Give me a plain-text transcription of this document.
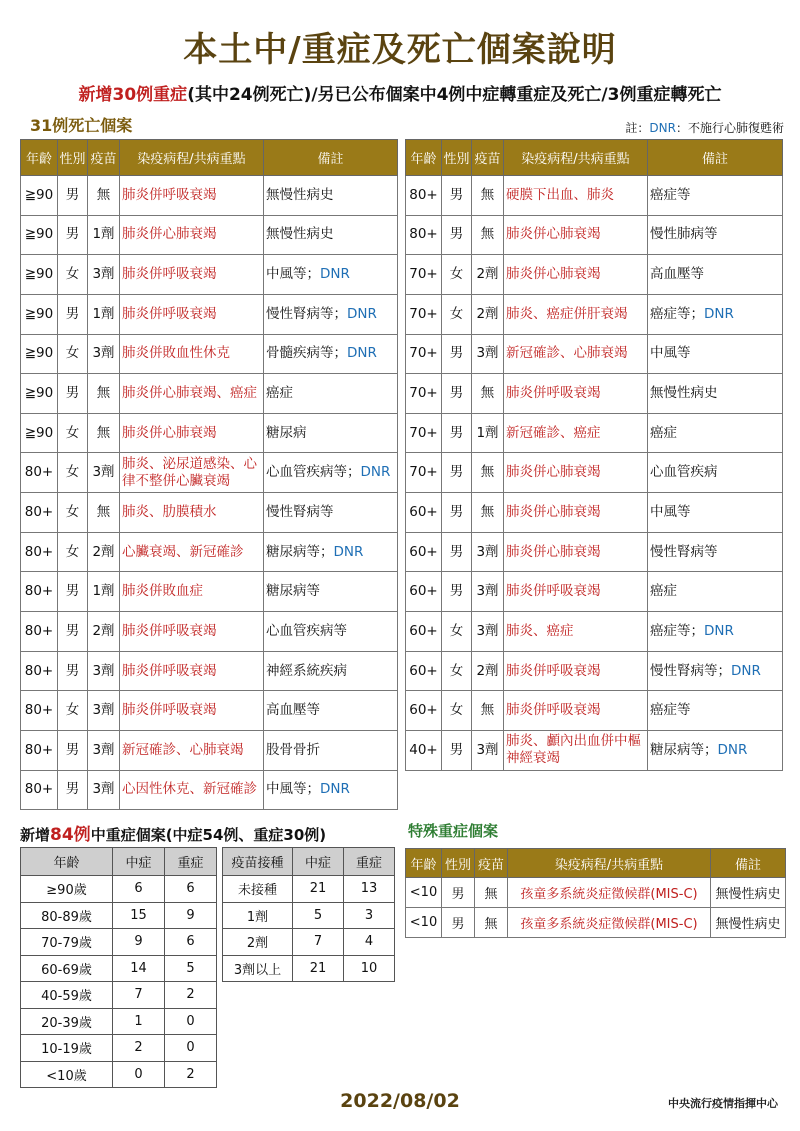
本土中/重症及死亡個案說明
新增30例重症(其中24例死亡)/另已公布個案中4例中症轉重症及死亡/3例重症轉死亡
31例死亡個案	註：DNR：不施行心肺復甦術
年齡	性別	疫苗	染疫病程/共病重點	備註
≧90	男	無	肺炎併呼吸衰竭	無慢性病史
≧90	男	1劑	肺炎併心肺衰竭	無慢性病史
≧90	女	3劑	肺炎併呼吸衰竭	中風等；DNR
≧90	男	1劑	肺炎併呼吸衰竭	慢性腎病等；DNR
≧90	女	3劑	肺炎併敗血性休克	骨髓疾病等；DNR
≧90	男	無	肺炎併心肺衰竭、癌症	癌症
≧90	女	無	肺炎併心肺衰竭	糖尿病
80+	女	3劑	肺炎、泌尿道感染、心律不整併心臟衰竭	心血管疾病等；DNR
80+	女	無	肺炎、肋膜積水	慢性腎病等
80+	女	2劑	心臟衰竭、新冠確診	糖尿病等；DNR
80+	男	1劑	肺炎併敗血症	糖尿病等
80+	男	2劑	肺炎併呼吸衰竭	心血管疾病等
80+	男	3劑	肺炎併呼吸衰竭	神經系統疾病
80+	女	3劑	肺炎併呼吸衰竭	高血壓等
80+	男	3劑	新冠確診、心肺衰竭	股骨骨折
80+	男	3劑	心因性休克、新冠確診	中風等；DNR
年齡	性別	疫苗	染疫病程/共病重點	備註
80+	男	無	硬膜下出血、肺炎	癌症等
80+	男	無	肺炎併心肺衰竭	慢性肺病等
70+	女	2劑	肺炎併心肺衰竭	高血壓等
70+	女	2劑	肺炎、癌症併肝衰竭	癌症等；DNR
70+	男	3劑	新冠確診、心肺衰竭	中風等
70+	男	無	肺炎併呼吸衰竭	無慢性病史
70+	男	1劑	新冠確診、癌症	癌症
70+	男	無	肺炎併心肺衰竭	心血管疾病
60+	男	無	肺炎併心肺衰竭	中風等
60+	男	3劑	肺炎併心肺衰竭	慢性腎病等
60+	男	3劑	肺炎併呼吸衰竭	癌症
60+	女	3劑	肺炎、癌症	癌症等；DNR
60+	女	2劑	肺炎併呼吸衰竭	慢性腎病等；DNR
60+	女	無	肺炎併呼吸衰竭	癌症等
40+	男	3劑	肺炎、顱內出血併中樞神經衰竭	糖尿病等；DNR
新增84例中重症個案(中症54例、重症30例)
年齡	中症	重症
≥90歲	6	6
80-89歲	15	9
70-79歲	9	6
60-69歲	14	5
40-59歲	7	2
20-39歲	1	0
10-19歲	2	0
<10歲	0	2
疫苗接種	中症	重症
未接種	21	13
1劑	5	3
2劑	7	4
3劑以上	21	10
特殊重症個案
年齡	性別	疫苗	染疫病程/共病重點	備註
<10	男	無	孩童多系統炎症徵候群(MIS-C)	無慢性病史
<10	男	無	孩童多系統炎症徵候群(MIS-C)	無慢性病史
2022/08/02	中央流行疫情指揮中心
